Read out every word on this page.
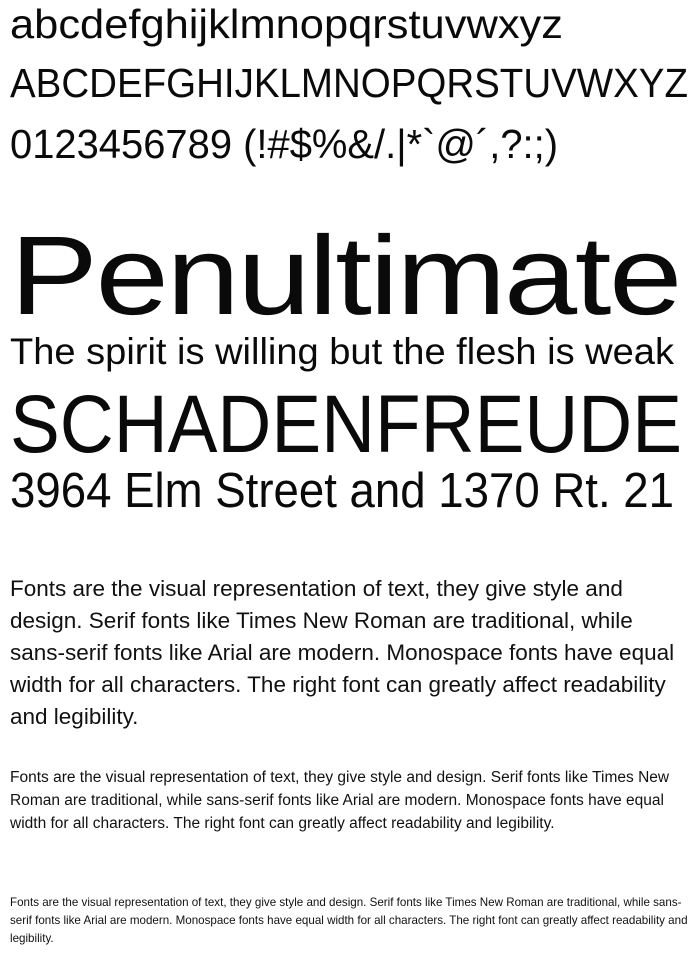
abcdefghijklmnopqrstuvwxyz
ABCDEFGHIJKLMNOPQRSTUVWXYZ
0123456789 (!#$%&/.|*`@´,?:;)
Penultimate
The spirit is willing but the flesh is weak
SCHADENFREUDE
3964 Elm Street and 1370 Rt. 21

Fonts are the visual representation of text, they give style and design. Serif fonts like Times New Roman are traditional, while sans-serif fonts like Arial are modern. Monospace fonts have equal width for all characters. The right font can greatly affect readability and legibility.

Fonts are the visual representation of text, they give style and design. Serif fonts like Times New Roman are traditional, while sans-serif fonts like Arial are modern. Monospace fonts have equal width for all characters. The right font can greatly affect readability and legibility.

Fonts are the visual representation of text, they give style and design. Serif fonts like Times New Roman are traditional, while sans-serif fonts like Arial are modern. Monospace fonts have equal width for all characters. The right font can greatly affect readability and legibility.
